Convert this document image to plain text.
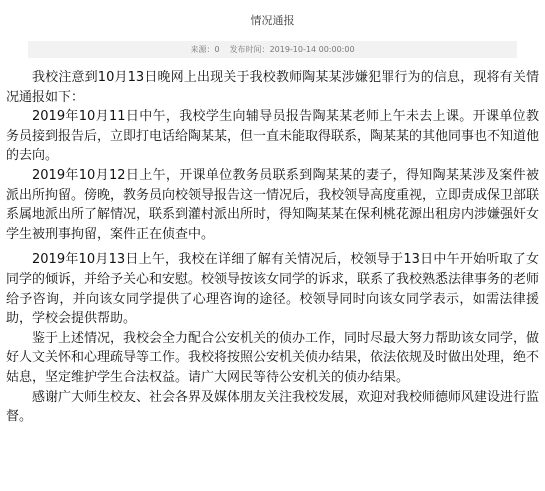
情况通报
来源：0 发布时间：2019-10-14 00:00:00

我校注意到10月13日晚网上出现关于我校教师陶某某涉嫌犯罪行为的信息，现将有关情况通报如下：

2019年10月11日中午，我校学生向辅导员报告陶某某老师上午未去上课。开课单位教务员接到报告后，立即打电话给陶某某，但一直未能取得联系，陶某某的其他同事也不知道他的去向。

2019年10月12日上午，开课单位教务员联系到陶某某的妻子，得知陶某某涉及案件被派出所拘留。傍晚，教务员向校领导报告这一情况后，我校领导高度重视，立即责成保卫部联系属地派出所了解情况，联系到灌村派出所时，得知陶某某在保利桃花源出租房内涉嫌强奸女学生被刑事拘留，案件正在侦查中。

2019年10月13日上午，我校在详细了解有关情况后，校领导于13日中午开始听取了女同学的倾诉，并给予关心和安慰。校领导按该女同学的诉求，联系了我校熟悉法律事务的老师给予咨询，并向该女同学提供了心理咨询的途径。校领导同时向该女同学表示，如需法律援助，学校会提供帮助。

鉴于上述情况，我校会全力配合公安机关的侦办工作，同时尽最大努力帮助该女同学，做好人文关怀和心理疏导等工作。我校将按照公安机关侦办结果，依法依规及时做出处理，绝不姑息，坚定维护学生合法权益。请广大网民等待公安机关的侦办结果。

感谢广大师生校友、社会各界及媒体朋友关注我校发展，欢迎对我校师德师风建设进行监督。
